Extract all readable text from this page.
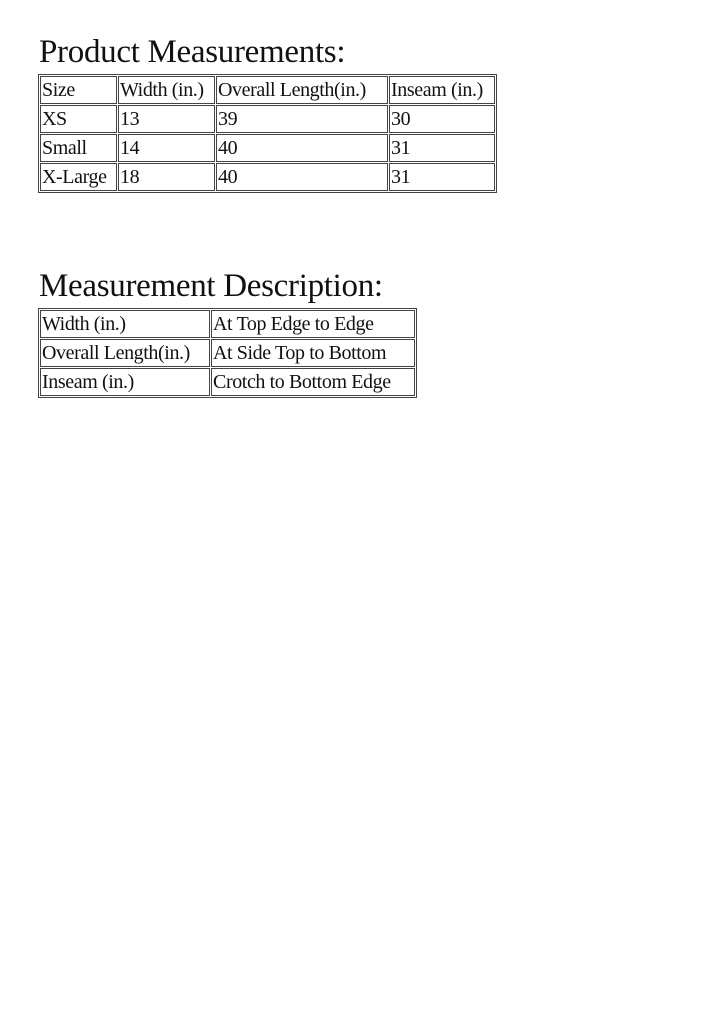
Product Measurements:
Size	Width (in.)	Overall Length(in.)	Inseam (in.)
XS	13	39	30
Small	14	40	31
X-Large	18	40	31
Measurement Description:
Width (in.)	At Top Edge to Edge
Overall Length(in.)	At Side Top to Bottom
Inseam (in.)	Crotch to Bottom Edge
